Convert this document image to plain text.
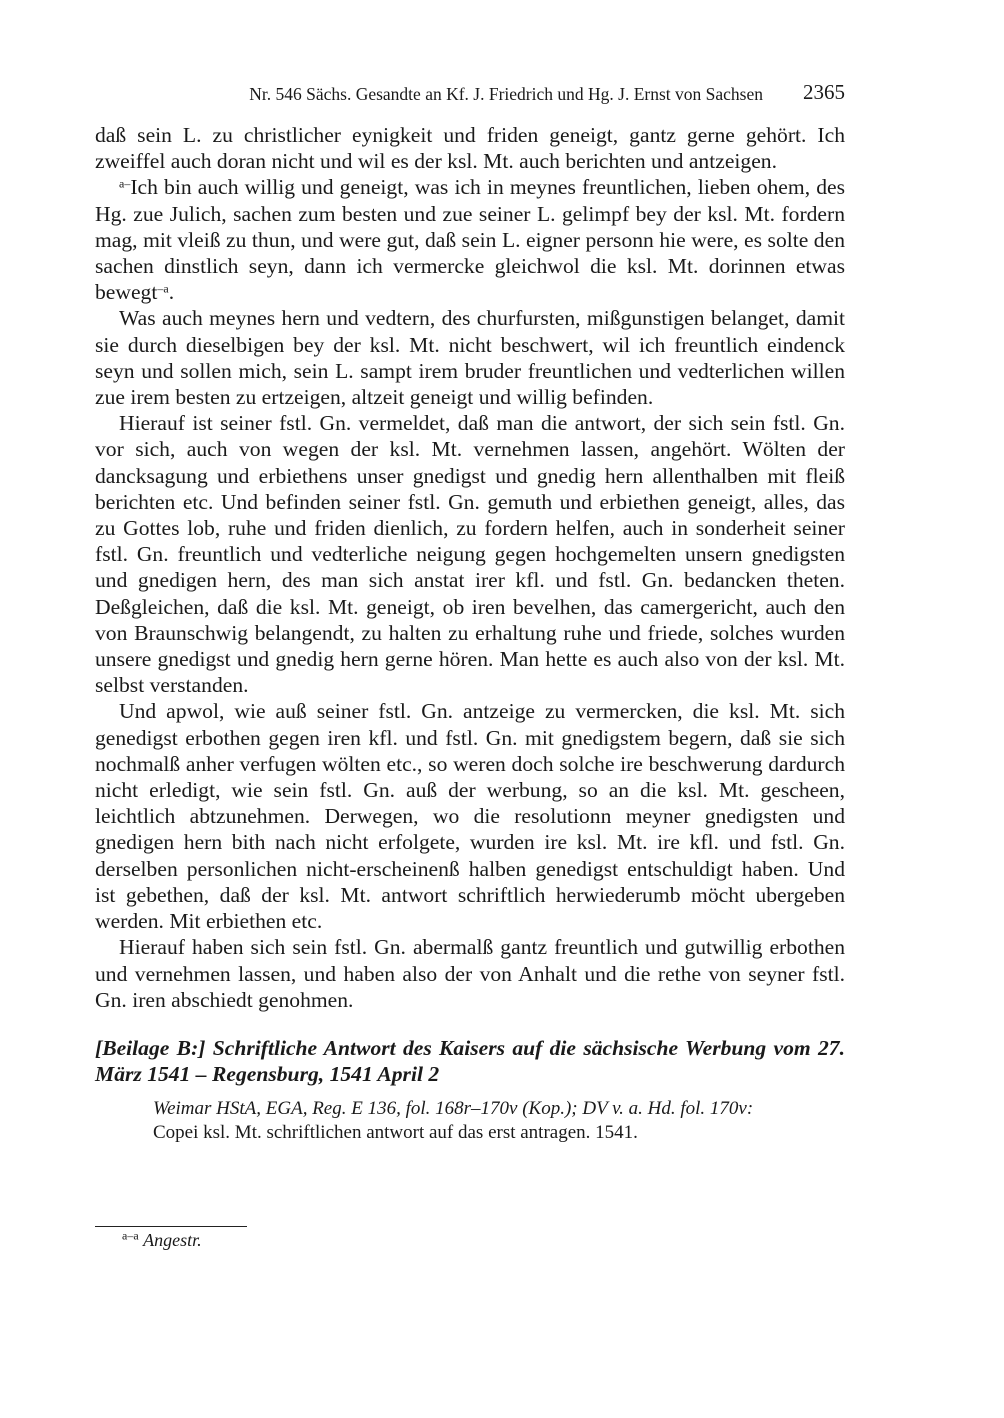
Nr. 546 Sächs. Gesandte an Kf. J. Friedrich und Hg. J. Ernst von Sachsen 2365

daß sein L. zu christlicher eynigkeit und friden geneigt, gantz gerne gehört. Ich zweiffel auch doran nicht und wil es der ksl. Mt. auch berichten und antzeigen.

$^{a-}$Ich bin auch willig und geneigt, was ich in meynes freuntlichen, lieben ohem, des Hg. zue Julich, sachen zum besten und zue seiner L. gelimpf bey der ksl. Mt. fordern mag, mit vleiß zu thun, und were gut, daß sein L. eigner personn hie were, es solte den sachen dinstlich seyn, dann ich vermercke gleichwol die ksl. Mt. dorinnen etwas bewegt$^{-a}$.

Was auch meynes hern und vedtern, des churfursten, mißgunstigen belanget, damit sie durch dieselbigen bey der ksl. Mt. nicht beschwert, wil ich freuntlich eindenck seyn und sollen mich, sein L. sampt irem bruder freuntlichen und vedterlichen willen zue irem besten zu ertzeigen, altzeit geneigt und willig befinden.

Hierauf ist seiner fstl. Gn. vermeldet, daß man die antwort, der sich sein fstl. Gn. vor sich, auch von wegen der ksl. Mt. vernehmen lassen, angehört. Wölten der dancksagung und erbiethens unser gnedigst und gnedig hern allenthalben mit fleiß berichten etc. Und befinden seiner fstl. Gn. gemuth und erbiethen geneigt, alles, das zu Gottes lob, ruhe und friden dienlich, zu fordern helfen, auch in sonderheit seiner fstl. Gn. freuntlich und vedterliche neigung gegen hochgemelten unsern gnedigsten und gnedigen hern, des man sich anstat irer kfl. und fstl. Gn. bedancken theten. Deßgleichen, daß die ksl. Mt. geneigt, ob iren bevelhen, das camergericht, auch den von Braunschwig belangendt, zu halten zu erhaltung ruhe und friede, solches wurden unsere gnedigst und gnedig hern gerne hören. Man hette es auch also von der ksl. Mt. selbst verstanden.

Und apwol, wie auß seiner fstl. Gn. antzeige zu vermercken, die ksl. Mt. sich genedigst erbothen gegen iren kfl. und fstl. Gn. mit gnedigstem begern, daß sie sich nochmalß anher verfugen wölten etc., so weren doch solche ire beschwerung dardurch nicht erledigt, wie sein fstl. Gn. auß der werbung, so an die ksl. Mt. gescheen, leichtlich abtzunehmen. Derwegen, wo die resolutionn meyner gnedigsten und gnedigen hern bith nach nicht erfolgete, wurden ire ksl. Mt. ire kfl. und fstl. Gn. derselben personlichen nicht-erscheinenß halben genedigst entschuldigt haben. Und ist gebethen, daß der ksl. Mt. antwort schriftlich herwiederumb möcht ubergeben werden. Mit erbiethen etc.

Hierauf haben sich sein fstl. Gn. abermalß gantz freuntlich und gutwillig erbothen und vernehmen lassen, und haben also der von Anhalt und die rethe von seyner fstl. Gn. iren abschiedt genohmen.

[Beilage B:] Schriftliche Antwort des Kaisers auf die sächsische Werbung vom 27. März 1541 – Regensburg, 1541 April 2
Weimar HStA, EGA, Reg. E 136, fol. 168r–170v (Kop.); DV v. a. Hd. fol. 170v:
Copei ksl. Mt. schriftlichen antwort auf das erst antragen. 1541.
$^{a-a}$ Angestr.
